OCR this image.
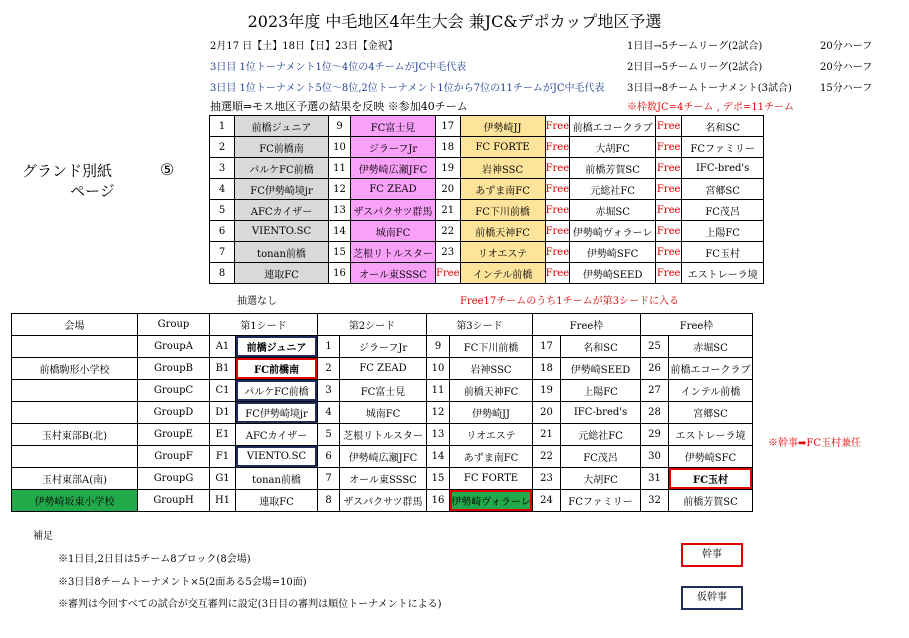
2023年度 中毛地区4年生大会 兼JC&デポカップ地区予選
2月17 日【土】18日【日】23日【金祝】
3日目 1位トーナメント1位〜4位の4チームがJC中毛代表
3日目 1位トーナメント5位〜8位,2位トーナメント1位から7位の11チームがJC中毛代表
1日目→5チームリーグ(2試合)	20分ハーフ
2日目→5チームリーグ(2試合)	20分ハーフ
3日目→8チームトーナメント(3試合)	15分ハーフ
抽選順⇒モス地区予選の結果を反映 ※参加40チーム	※枠数JC=4チーム , デポ=11チーム
グランド別紙
ページ
⑤
1	前橋ジュニア	9	FC富士見	17	伊勢崎JJ	Free	前橋エコークラブ	Free	名和SC
2	FC前橋南	10	ジラーフJr	18	FC FORTE	Free	大胡FC	Free	FCファミリー
3	パルケFC前橋	11	伊勢崎広瀬JFC	19	岩神SSC	Free	前橋芳賀SC	Free	IFC-bred's
4	FC伊勢崎境jr	12	FC ZEAD	20	あずま南FC	Free	元総社FC	Free	宮郷SC
5	AFCカイザー	13	ザスパクサツ群馬	21	FC下川前橋	Free	赤堀SC	Free	FC茂呂
6	VIENTO.SC	14	城南FC	22	前橋天神FC	Free	伊勢崎ヴォラーレ	Free	上陽FC
7	tonan前橋	15	芝根リトルスター	23	リオエステ	Free	伊勢崎SFC	Free	FC玉村
8	連取FC	16	オール東SSSC	Free	インテル前橋	Free	伊勢崎SEED	Free	エストレーラ境
抽選なし	Free17チームのうち1チームが第3シードに入る
会場	Group	第1シード		第2シード		第3シード		Free枠		Free枠	
	GroupA	A1	前橋ジュニア	1	ジラーフJr	9	FC下川前橋	17	名和SC	25	赤堀SC
前橋駒形小学校	GroupB	B1	FC前橋南	2	FC ZEAD	10	岩神SSC	18	伊勢崎SEED	26	前橋エコークラブ
	GroupC	C1	パルケFC前橋	3	FC富士見	11	前橋天神FC	19	上陽FC	27	インテル前橋
	GroupD	D1	FC伊勢崎境jr	4	城南FC	12	伊勢崎JJ	20	IFC-bred's	28	宮郷SC
玉村東部B(北)	GroupE	E1	AFCカイザー	5	芝根リトルスター	13	リオエステ	21	元総社FC	29	エストレーラ境
	GroupF	F1	VIENTO.SC	6	伊勢崎広瀬JFC	14	あずま南FC	22	FC茂呂	30	伊勢崎SFC
玉村東部A(南)	GroupG	G1	tonan前橋	7	オール東SSSC	15	FC FORTE	23	大胡FC	31	FC玉村
伊勢崎坂東小学校	GroupH	H1	連取FC	8	ザスパクサツ群馬	16	伊勢崎ヴォラーレ	24	FCファミリー	32	前橋芳賀SC
※幹事➡FC玉村兼任
補足
※1日目,2日目は5チーム8ブロック(8会場)
※3日目8チームトーナメント×5(2面ある5会場=10面)
※審判は今回すべての試合が交互審判に設定(3日目の審判は順位トーナメントによる)
幹事
仮幹事
